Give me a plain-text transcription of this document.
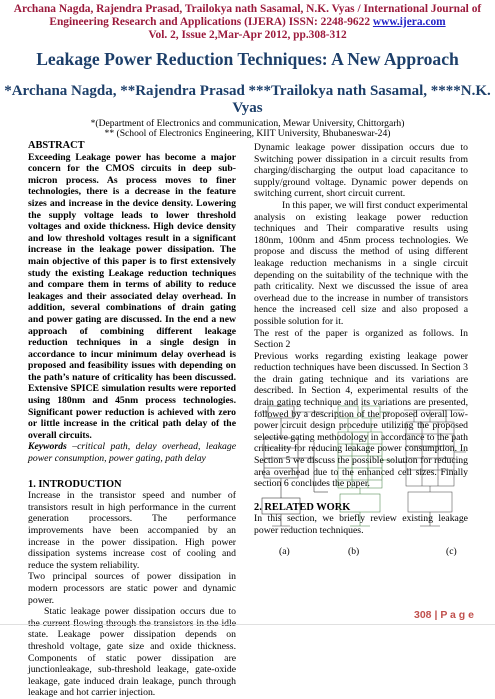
Archana Nagda, Rajendra Prasad, Trailokya nath Sasamal, N.K. Vyas / International Journal of
Engineering Research and Applications (IJERA) ISSN: 2248-9622 www.ijera.com
Vol. 2, Issue 2,Mar-Apr 2012, pp.308-312
Leakage Power Reduction Techniques: A New Approach
*Archana Nagda, **Rajendra Prasad ***Trailokya nath Sasamal, ****N.K. Vyas
*(Department of Electronics and communication, Mewar University, Chittorgarh)
** (School of Electronics Engineering, KIIT University, Bhubaneswar-24)

ABSTRACT

Exceeding Leakage power has become a major concern for the CMOS circuits in deep sub-micron process. As process moves to finer technologies, there is a decrease in the feature sizes and increase in the device density. Lowering the supply voltage leads to lower threshold voltages and oxide thickness. High device density and low threshold voltages result in a significant increase in the leakage power dissipation. The main objective of this paper is to first extensively study the existing Leakage reduction techniques and compare them in terms of ability to reduce leakages and their associated delay overhead. In addition, several combinations of drain gating and power gating are discussed. In the end a new approach of combining different leakage reduction techniques in a single design in accordance to incur minimum delay overhead is proposed and feasibility issues with depending on the path’s nature of criticality has been discussed. Extensive SPICE simulation results were reported using 180nm and 45nm process technologies. Significant power reduction is achieved with zero or little increase in the critical path delay of the overall circuits.

Keywords –critical path, delay overhead, leakage power consumption, power gating, path delay

1. INTRODUCTION

Increase in the transistor speed and number of transistors result in high performance in the current generation processors. The performance improvements have been accompanied by an increase in the power dissipation. High power dissipation systems increase cost of cooling and reduce the system reliability.

Two principal sources of power dissipation in modern processors are static power and dynamic power.

Static leakage power dissipation occurs due to state. Leakage power dissipation depends on threshold voltage, gate size and oxide thickness. Components of static power dissipation are junctionleakage, sub-threshold leakage, gate-oxide leakage, gate induced drain leakage, punch through leakage and hot carrier injection.

Dynamic leakage power dissipation occurs due to Switching power dissipation in a circuit results from charging/discharging the output load capacitance to supply/ground voltage. Dynamic power depends on switching current, short circuit current.

In this paper, we will first conduct experimental analysis on existing leakage power reduction techniques and Their comparative results using 180nm, 100nm and 45nm process technologies. We propose and discuss the method of using different leakage reduction mechanisms in a single circuit depending on the suitability of the technique with the path criticality. Next we discussed the issue of area overhead due to the increase in number of transistors hence the increased cell size and also proposed a possible solution for it.

The rest of the paper is organized as follows. In Section 2

Previous works regarding existing leakage power reduction techniques have been discussed. In Section 3 the drain gating technique and its variations are described. In Section 4, experimental results of the drain gating technique and its variations are presented, followed by a description of the proposed overall low-power circuit design procedure utilizing the proposed selective gating methodology in accordance to the path criticality for reducing leakage power consumption. In Section 5 we discuss the possible solution for reducing area overhead due to the enhanced cell sizes. Finally section 6 concludes the paper.

2. RELATED WORK

In this section, we briefly review existing leakage power reduction techniques.

(a)	(b)	(c)
308 | P a g e
